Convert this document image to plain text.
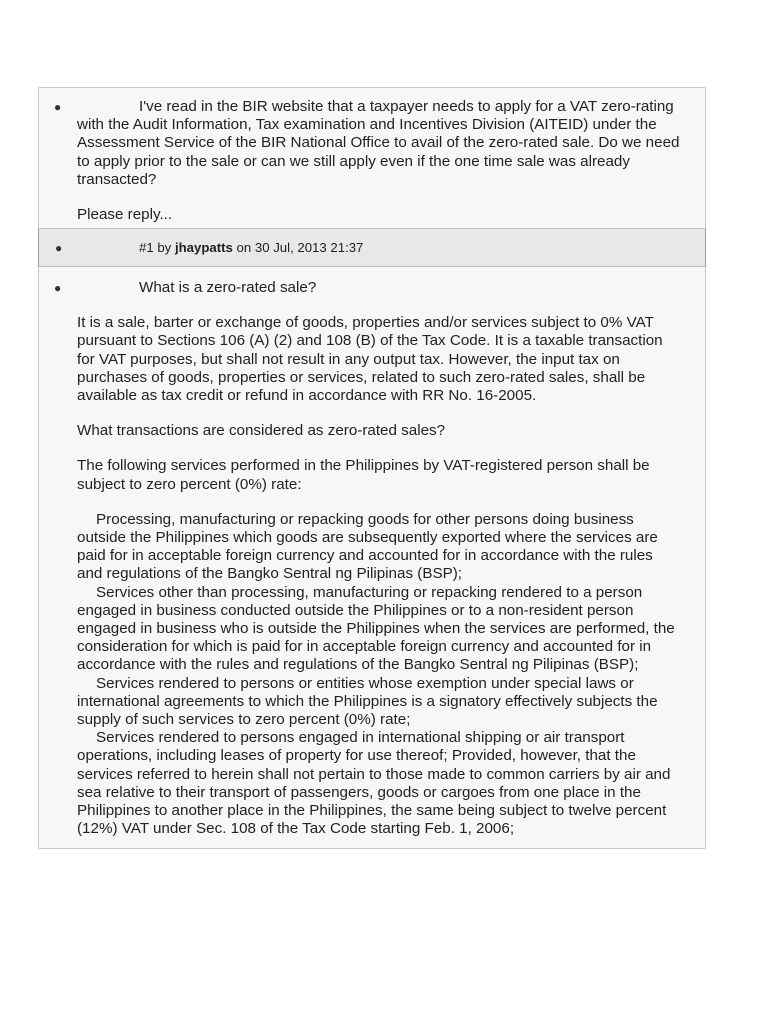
●	I've read in the BIR website that a taxpayer needs to apply for a VAT zero-rating with the Audit Information, Tax examination and Incentives Division (AITEID) under the Assessment Service of the BIR National Office to avail of the zero-rated sale. Do we need to apply prior to the sale or can we still apply even if the one time sale was already transacted?

Please reply...

●	#1 by jhaypatts on 30 Jul, 2013 21:37
●	What is a zero-rated sale?

It is a sale, barter or exchange of goods, properties and/or services subject to 0% VAT pursuant to Sections 106 (A) (2) and 108 (B) of the Tax Code. It is a taxable transaction for VAT purposes, but shall not result in any output tax. However, the input tax on purchases of goods, properties or services, related to such zero-rated sales, shall be available as tax credit or refund in accordance with RR No. 16-2005.

What transactions are considered as zero-rated sales?

The following services performed in the Philippines by VAT-registered person shall be subject to zero percent (0%) rate:

Processing, manufacturing or repacking goods for other persons doing business outside the Philippines which goods are subsequently exported where the services are paid for in acceptable foreign currency and accounted for in accordance with the rules and regulations of the Bangko Sentral ng Pilipinas (BSP);

Services other than processing, manufacturing or repacking rendered to a person engaged in business conducted outside the Philippines or to a non-resident person engaged in business who is outside the Philippines when the services are performed, the consideration for which is paid for in acceptable foreign currency and accounted for in accordance with the rules and regulations of the Bangko Sentral ng Pilipinas (BSP);

Services rendered to persons or entities whose exemption under special laws or international agreements to which the Philippines is a signatory effectively subjects the supply of such services to zero percent (0%) rate;

Services rendered to persons engaged in international shipping or air transport operations, including leases of property for use thereof; Provided, however, that the services referred to herein shall not pertain to those made to common carriers by air and sea relative to their transport of passengers, goods or cargoes from one place in the Philippines to another place in the Philippines, the same being subject to twelve percent (12%) VAT under Sec. 108 of the Tax Code starting Feb. 1, 2006;
